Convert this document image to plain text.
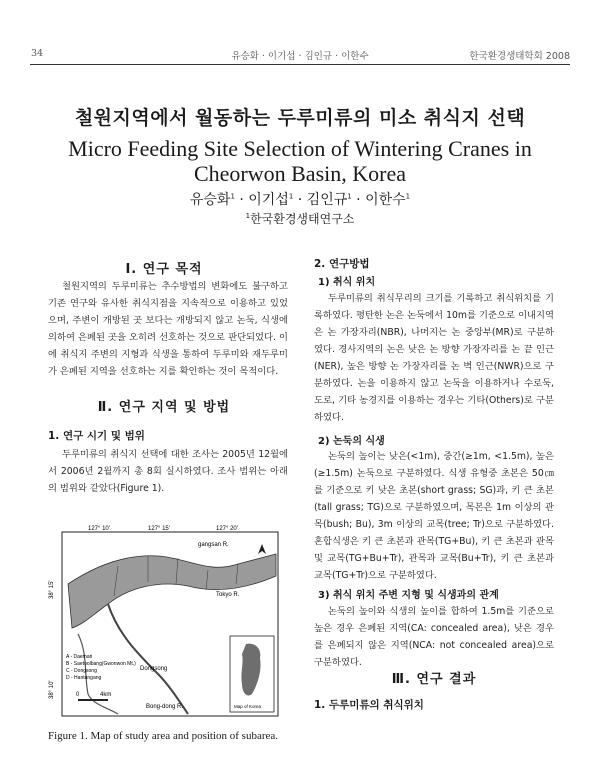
34	유승화 · 이기섭 · 김인규 · 이한수	한국환경생태학회 2008
철원지역에서 월동하는 두루미류의 미소 취식지 선택
Micro Feeding Site Selection of Wintering Cranes in Cheorwon Basin, Korea
유승화$^1$ · 이기섭$^1$ · 김인규$^1$ · 이한수$^1$
$^1$한국환경생태연구소
Ⅰ. 연구 목적
철원지역의 두루미류는 추수방법의 변화에도 불구하고 기존 연구와 유사한 취식지점을 지속적으로 이용하고 있었으며, 주변이 개방된 곳 보다는 개방되지 않고 논둑, 식생에 의하여 은폐된 곳을 오히려 선호하는 것으로 판단되었다. 이에 취식지 주변의 지형과 식생을 통하여 두루미와 재두루미가 은폐된 지역을 선호하는 지를 확인하는 것이 목적이다.
Ⅱ. 연구 지역 및 방법
1. 연구 시기 및 범위
두루미류의 취식지 선택에 대한 조사는 2005년 12월에서 2006년 2월까지 총 8회 실시하였다. 조사 범위는 아래의 범위와 같았다(Figure 1).
127° 10'	127° 15'	127° 20'
38° 15'
38° 10'
gangsan R.
Tokyo R.
Dongsong
Bong-dong R.
A - Daemari
B - Saetoolbang(Gwonwon Mt.)
C - Dongsong
D - Hantangang
0	4km
Map of Korea
Figure 1. Map of study area and position of subarea.
2. 연구방법
1) 취식 위치
두루미류의 취식무리의 크기를 기록하고 취식위치를 기록하였다. 평탄한 논은 논둑에서 10m를 기준으로 이내지역은 논 가장자리(NBR), 나머지는 논 중앙부(MR)로 구분하였다. 경사지역의 논은 낮은 논 방향 가장자리를 논 끝 인근(NER), 높은 방향 논 가장자리를 논 벽 인근(NWR)으로 구분하였다. 논을 이용하지 않고 논둑을 이용하거나 수로둑, 도로, 기타 농경지를 이용하는 경우는 기타(Others)로 구분하였다.
2) 논둑의 식생
논둑의 높이는 낮은(<1m), 중간(≥1m, <1.5m), 높은(≥1.5m) 논둑으로 구분하였다. 식생 유형중 초본은 50㎝를 기준으로 키 낮은 초본(short grass; SG)과, 키 큰 초본(tall grass; TG)으로 구분하였으며, 목본은 1m 이상의 관목(bush; Bu), 3m 이상의 교목(tree; Tr)으로 구분하였다. 혼합식생은 키 큰 초본과 관목(TG+Bu), 키 큰 초본과 관목 및 교목(TG+Bu+Tr), 관목과 교목(Bu+Tr), 키 큰 초본과 교목(TG+Tr)으로 구분하였다.
3) 취식 위치 주변 지형 및 식생과의 관계
논둑의 높이와 식생의 높이를 합하여 1.5m를 기준으로 높은 경우 은폐된 지역(CA: concealed area), 낮은 경우를 은폐되지 않은 지역(NCA: not concealed area)으로 구분하였다.
Ⅲ. 연구 결과
1. 두루미류의 취식위치
